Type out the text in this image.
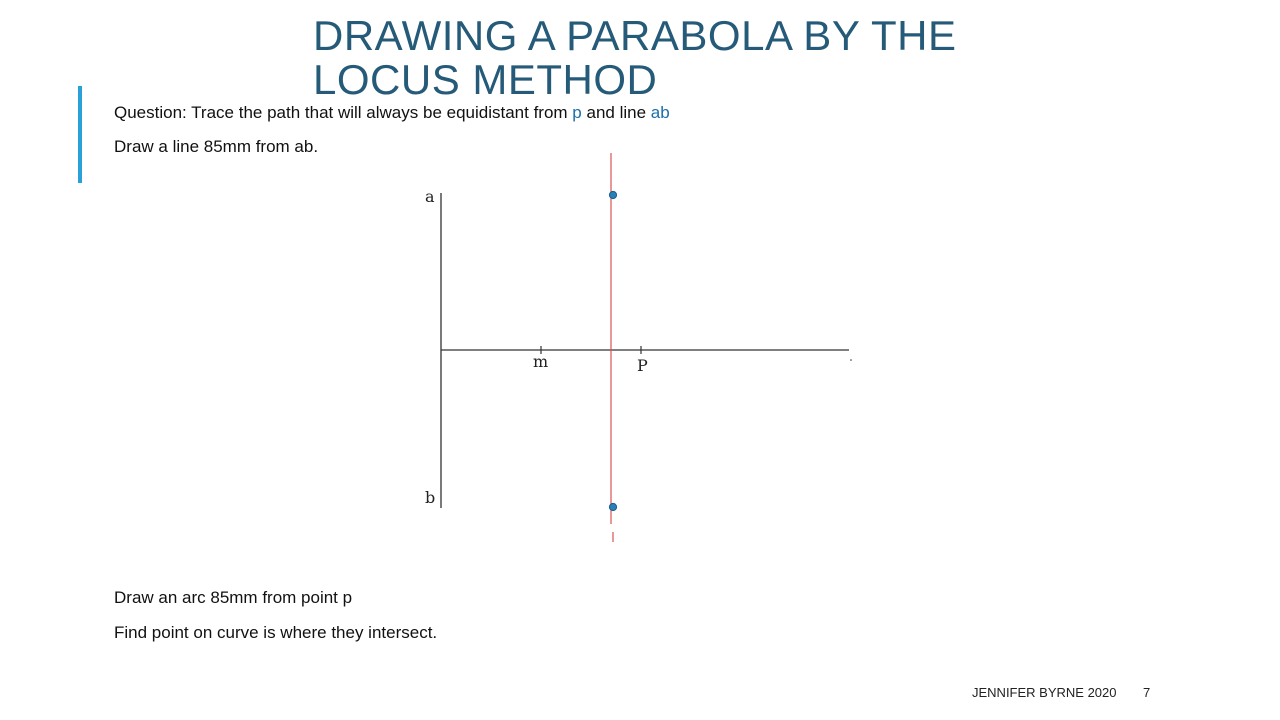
DRAWING A PARABOLA BY THE
LOCUS METHOD
Question: Trace the path that will always be equidistant from p and line ab
Draw a line 85mm from ab.
a
b
m	P
Draw an arc 85mm from point p
Find point on curve is where they intersect.
JENNIFER BYRNE 2020 7
